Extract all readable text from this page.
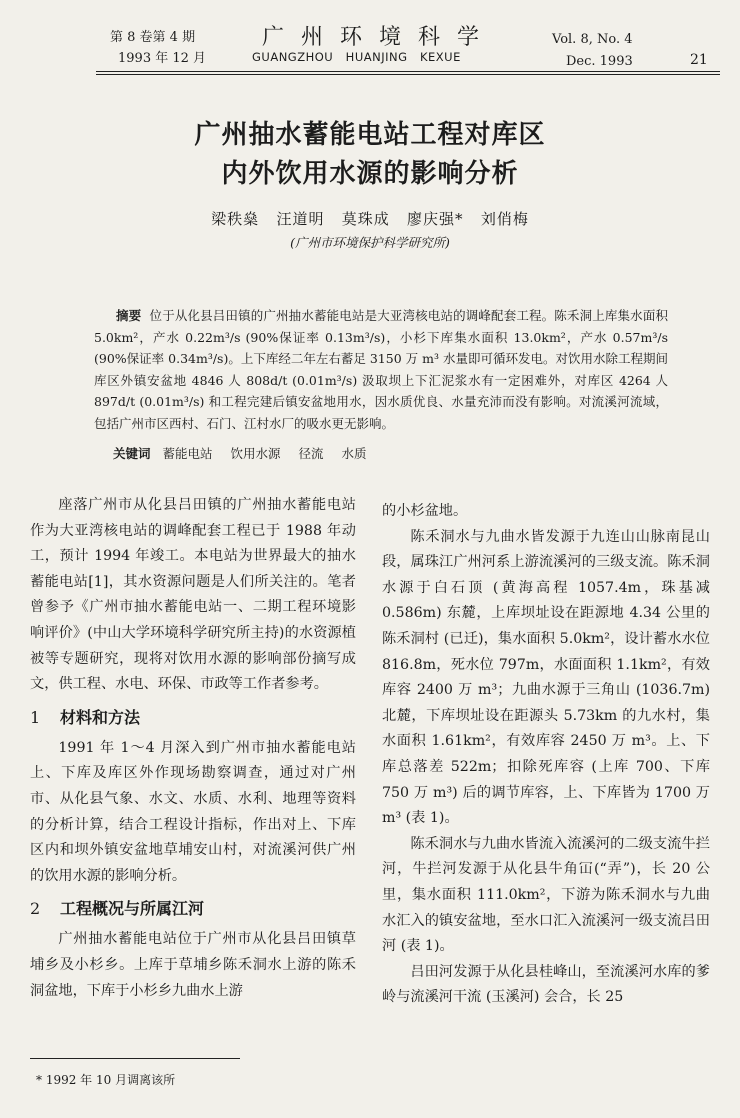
第 8 卷第 4 期
1993 年 12 月
广 州 环 境 科 学
GUANGZHOU   HUANJING   KEXUE
Vol. 8, No. 4
Dec. 1993	21
广州抽水蓄能电站工程对库区
内外饮用水源的影响分析
梁秩燊   汪道明   莫珠成   廖庆强*   刘俏梅
(广州市环境保护科学研究所)
摘要 位于从化县吕田镇的广州抽水蓄能电站是大亚湾核电站的调峰配套工程。陈禾洞上库集水面积 5.0km²，产水 0.22m³/s (90%保证率 0.13m³/s)，小杉下库集水面积 13.0km²，产水 0.57m³/s (90%保证率 0.34m³/s)。上下库经二年左右蓄足 3150 万 m³ 水量即可循环发电。对饮用水除工程期间库区外镇安盆地 4846 人 808d/t (0.01m³/s) 汲取坝上下汇泥浆水有一定困难外，对库区 4264 人 897d/t (0.01m³/s) 和工程完建后镇安盆地用水，因水质优良、水量充沛而没有影响。对流溪河流域，包括广州市区西村、石门、江村水厂的吸水更无影响。
关键词 蓄能电站 饮用水源 径流 水质

座落广州市从化县吕田镇的广州抽水蓄能电站作为大亚湾核电站的调峰配套工程已于 1988 年动工，预计 1994 年竣工。本电站为世界最大的抽水蓄能电站[1]，其水资源问题是人们所关注的。笔者曾参予《广州市抽水蓄能电站一、二期工程环境影响评价》(中山大学环境科学研究所主持)的水资源植被等专题研究，现将对饮用水源的影响部份摘写成文，供工程、水电、环保、市政等工作者参考。

1 材料和方法

1991 年 1～4 月深入到广州市抽水蓄能电站上、下库及库区外作现场勘察调查，通过对广州市、从化县气象、水文、水质、水利、地理等资料的分析计算，结合工程设计指标，作出对上、下库区内和坝外镇安盆地草埔安山村，对流溪河供广州的饮用水源的影响分析。

2 工程概况与所属江河

广州抽水蓄能电站位于广州市从化县吕田镇草埔乡及小杉乡。上库于草埔乡陈禾洞水上游的陈禾洞盆地，下库于小杉乡九曲水上游

的小杉盆地。

陈禾洞水与九曲水皆发源于九连山山脉南昆山段，属珠江广州河系上游流溪河的三级支流。陈禾洞水源于白石顶 (黄海高程 1057.4m，珠基减 0.586m) 东麓，上库坝址设在距源地 4.34 公里的陈禾洞村 (已迁)，集水面积 5.0km²，设计蓄水水位 816.8m，死水位 797m，水面面积 1.1km²，有效库容 2400 万 m³；九曲水源于三角山 (1036.7m) 北麓，下库坝址设在距源头 5.73km 的九水村，集水面积 1.61km²，有效库容 2450 万 m³。上、下库总落差 522m；扣除死库容 (上库 700、下库 750 万 m³) 后的调节库容，上、下库皆为 1700 万 m³ (表 1)。

陈禾洞水与九曲水皆流入流溪河的二级支流牛拦河，牛拦河发源于从化县牛角冚(“弄”)，长 20 公里，集水面积 111.0km²，下游为陈禾洞水与九曲水汇入的镇安盆地，至水口汇入流溪河一级支流吕田河 (表 1)。

吕田河发源于从化县桂峰山，至流溪河水库的爹岭与流溪河干流 (玉溪河) 会合，长 25

* 1992 年 10 月调离该所
